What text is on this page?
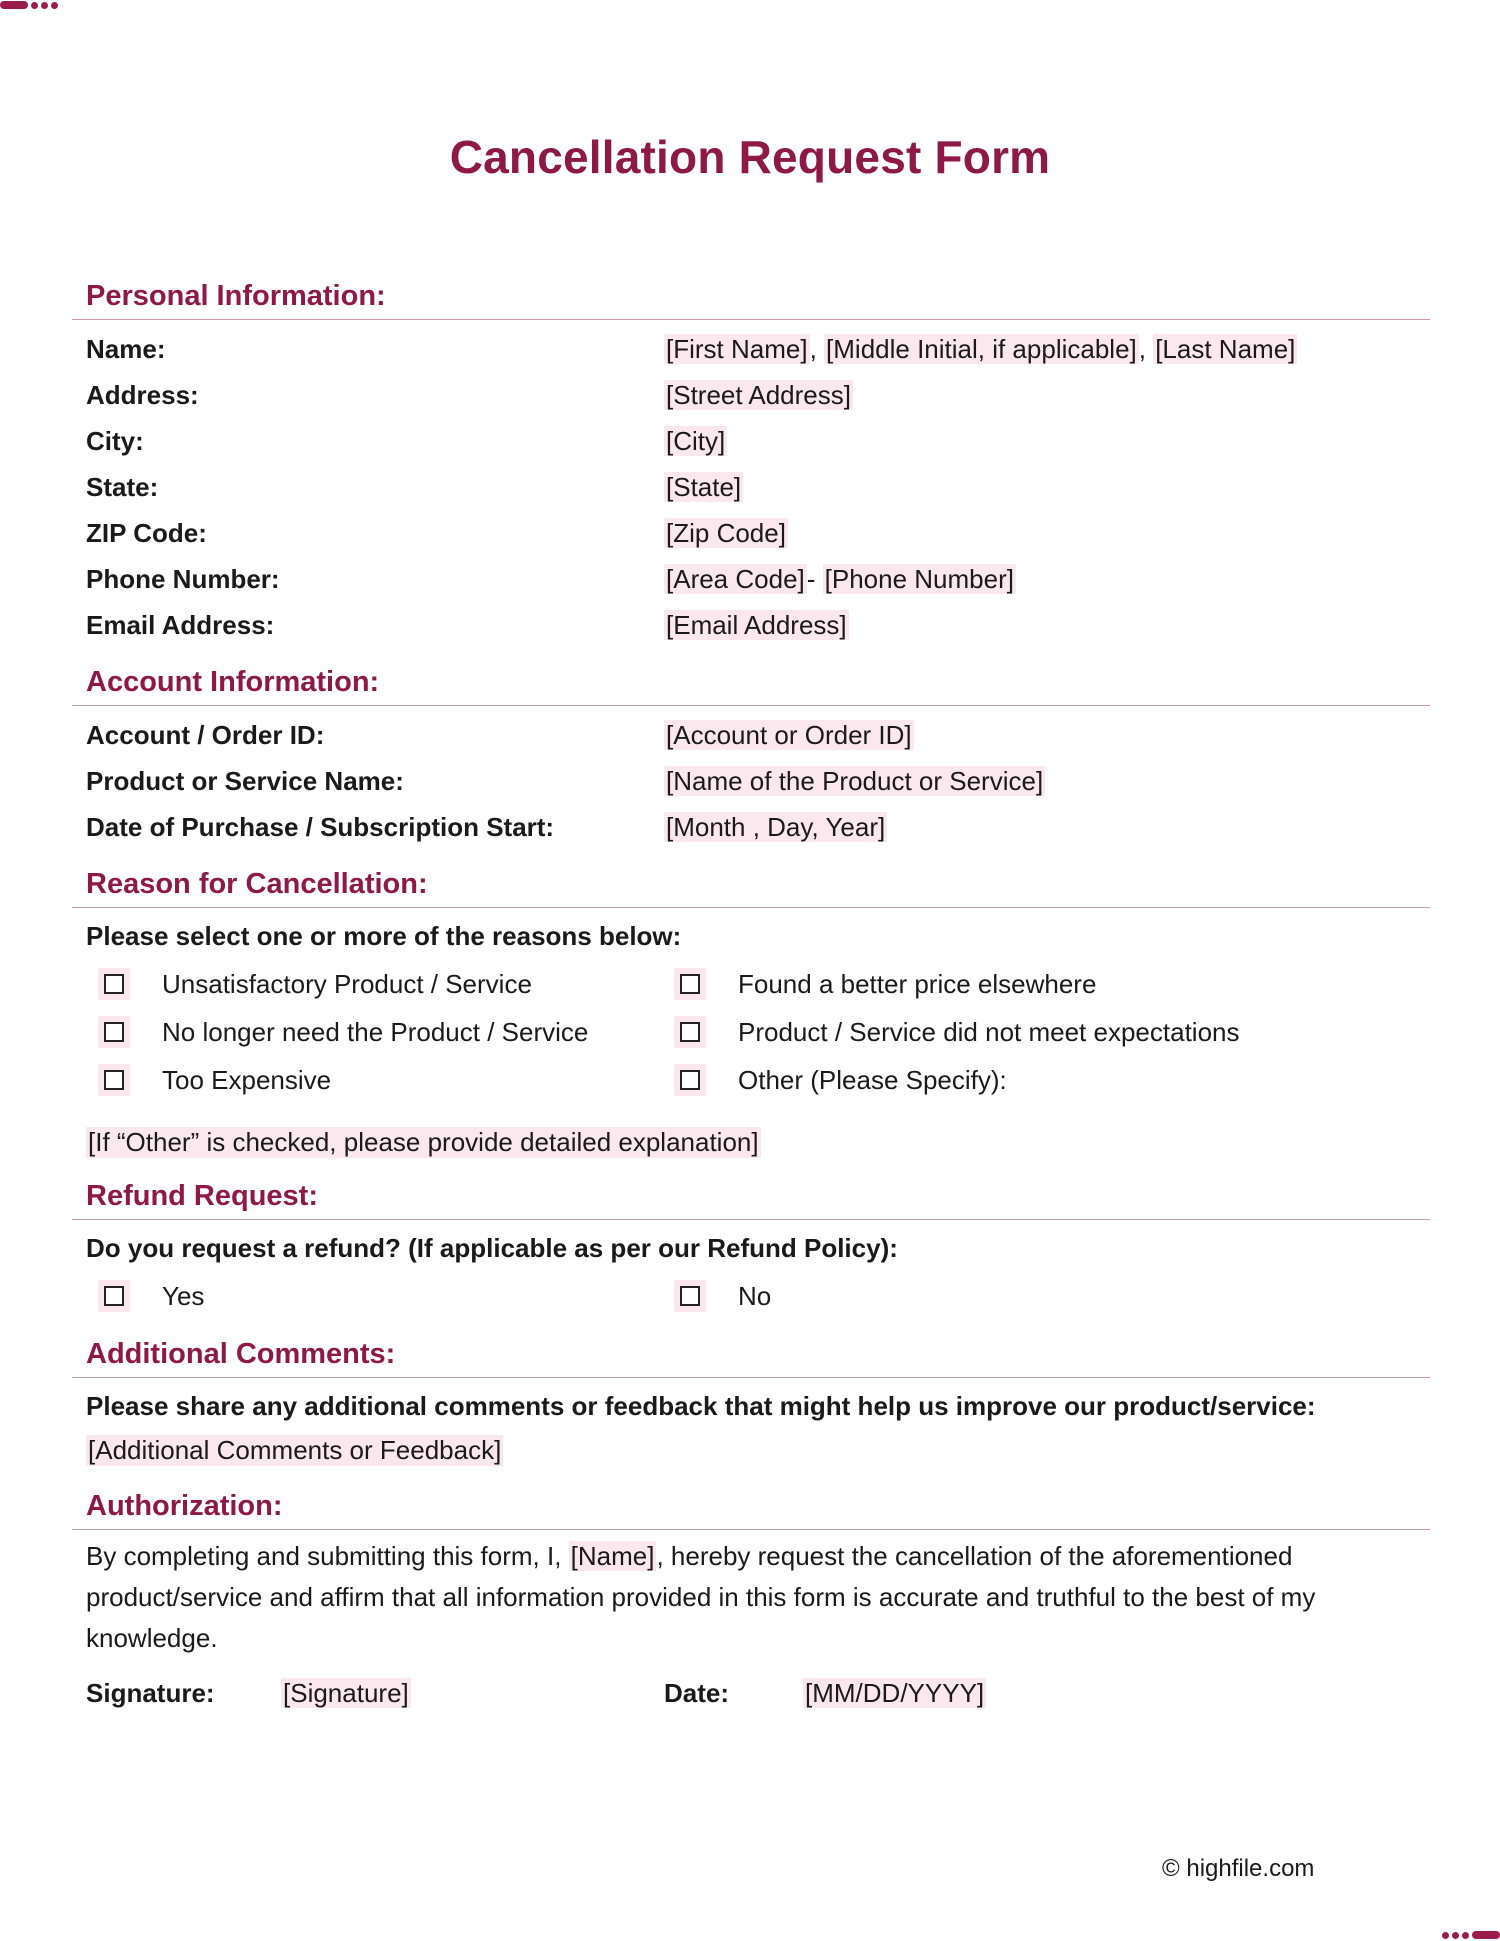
Cancellation Request Form
Personal Information:
Name:	[First Name], [Middle Initial, if applicable], [Last Name]
Address:	[Street Address]
City:	[City]
State:	[State]
ZIP Code:	[Zip Code]
Phone Number:	[Area Code]- [Phone Number]
Email Address:	[Email Address]
Account Information:
Account / Order ID:	[Account or Order ID]
Product or Service Name:	[Name of the Product or Service]
Date of Purchase / Subscription Start:	[Month , Day, Year]
Reason for Cancellation:
Please select one or more of the reasons below:
Unsatisfactory Product / Service	Found a better price elsewhere
No longer need the Product / Service	Product / Service did not meet expectations
Too Expensive	Other (Please Specify):
[If “Other” is checked, please provide detailed explanation]
Refund Request:
Do you request a refund? (If applicable as per our Refund Policy):
Yes	No
Additional Comments:
Please share any additional comments or feedback that might help us improve our product/service:
[Additional Comments or Feedback]
Authorization:
By completing and submitting this form, I, [Name], hereby request the cancellation of the aforementioned product/service and affirm that all information provided in this form is accurate and truthful to the best of my knowledge.
Signature:	[Signature]	Date:	[MM/DD/YYYY]
© highfile.com
